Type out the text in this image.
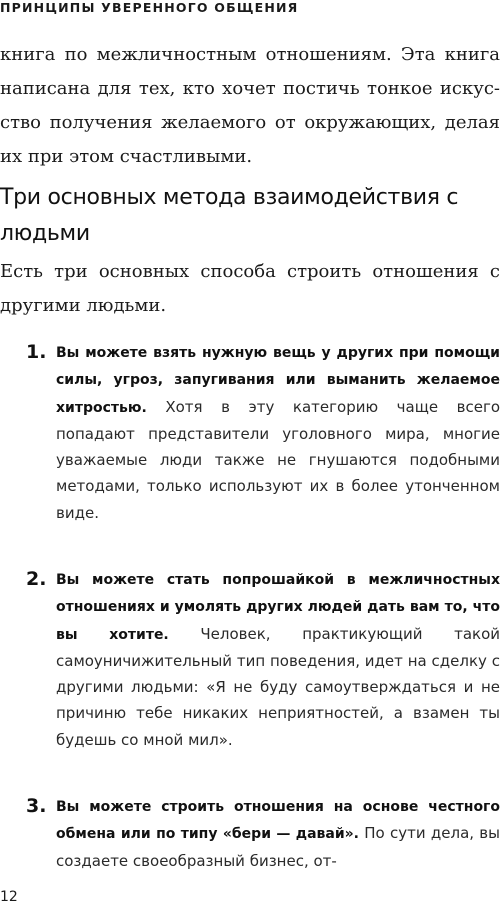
ПРИНЦИПЫ УВЕРЕННОГО ОБЩЕНИЯ

книга по межличностным отношениям. Эта книга написана для тех, кто хочет постичь тонкое искусство получения желаемого от окружающих, делая их при этом счастливыми.

Три основных метода взаимодействия с людьми

Есть три основных способа строить отношения с другими людьми.

1. Вы можете взять нужную вещь у других при помощи силы, угроз, запугивания или выманить желаемое хитростью. Хотя в эту категорию чаще всего попадают представители уголовного мира, многие уважаемые люди также не гнушаются подобными методами, только используют их в более утонченном виде.

2. Вы можете стать попрошайкой в межличностных отношениях и умолять других людей дать вам то, что вы хотите. Человек, практикующий такой самоуничижительный тип поведения, идет на сделку с другими людьми: «Я не буду самоутверждаться и не причиню тебе никаких неприятностей, а взамен ты будешь со мной мил».

3. Вы можете строить отношения на основе честного обмена или по типу «бери — давай». По сути дела, вы создаете своеобразный бизнес, от-

12
